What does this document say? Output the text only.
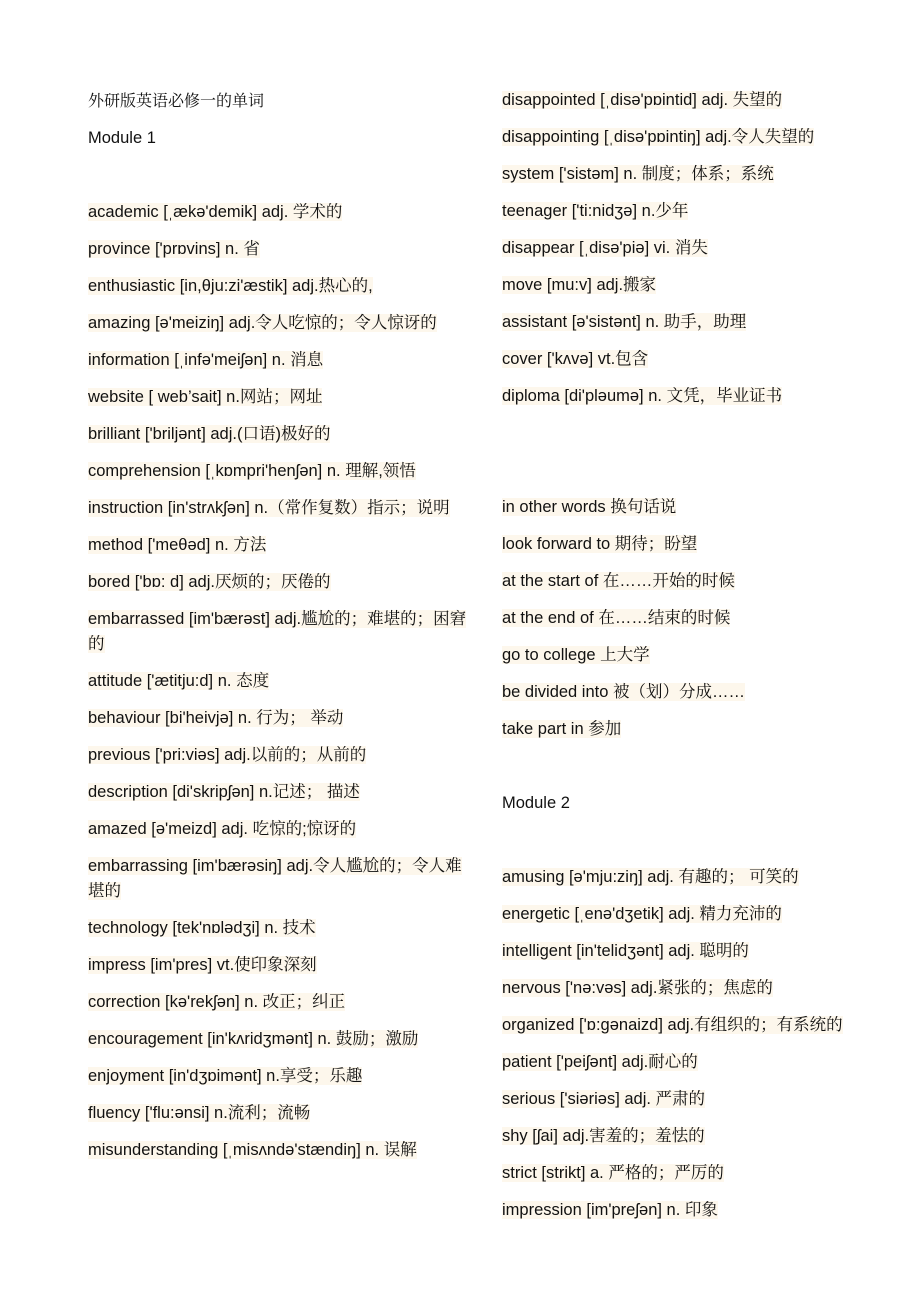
外研版英语必修一的单词
Module 1
academic [ˌækə'demik] adj. 学术的
province ['prɒvins] n. 省
enthusiastic [in,θju:zi'æstik] adj.热心的,
amazing [ə'meiziŋ] adj.令人吃惊的；令人惊讶的
information [ˌinfə'meiʃən] n. 消息
website [ web’sait] n.网站；网址
brilliant ['briljənt] adj.(口语)极好的
comprehension [ˌkɒmpri'henʃən] n. 理解,领悟
instruction [in'strʌkʃən] n.（常作复数）指示；说明
method ['meθəd] n. 方法
bored ['bɒ: d] adj.厌烦的；厌倦的
embarrassed [im'bærəst] adj.尴尬的；难堪的；困窘的
attitude ['ætitju:d] n. 态度
behaviour [bi'heivjə] n. 行为； 举动
previous ['pri:viəs] adj.以前的；从前的
description [di'skripʃən] n.记述； 描述
amazed [ə'meizd] adj. 吃惊的;惊讶的
embarrassing [im'bærəsiŋ] adj.令人尴尬的；令人难堪的
technology [tek'nɒlədʒi] n. 技术
impress [im'pres] vt.使印象深刻
correction [kə'rekʃən] n. 改正；纠正
encouragement [in'kʌridʒmənt] n. 鼓励；激励
enjoyment [in'dʒɒimənt] n.享受；乐趣
fluency ['flu:ənsi] n.流利；流畅
misunderstanding [ˌmisʌndə'stændiŋ] n. 误解
disappointed [ˌdisə'pɒintid] adj. 失望的
disappointing [ˌdisə'pɒintiŋ] adj.令人失望的
system ['sistəm] n. 制度；体系；系统
teenager ['ti:nidʒə] n.少年
disappear [ˌdisə'piə] vi. 消失
move [mu:v] adj.搬家
assistant [ə'sistənt] n. 助手，助理
cover ['kʌvə] vt.包含
diploma [di'pləumə] n. 文凭，毕业证书
in other words 换句话说
look forward to 期待；盼望
at the start of 在……开始的时候
at the end of 在……结束的时候
go to college 上大学
be divided into 被（划）分成……
take part in 参加
Module 2
amusing [ə'mju:ziŋ] adj. 有趣的； 可笑的
energetic [ˌenə'dʒetik] adj. 精力充沛的
intelligent [in'telidʒənt] adj. 聪明的
nervous ['nə:vəs] adj.紧张的；焦虑的
organized ['ɒ:gənaizd] adj.有组织的；有系统的
patient ['peiʃənt] adj.耐心的
serious ['siəriəs] adj. 严肃的
shy [ʃai] adj.害羞的；羞怯的
strict [strikt] a. 严格的；严厉的
impression [im'preʃən] n. 印象
